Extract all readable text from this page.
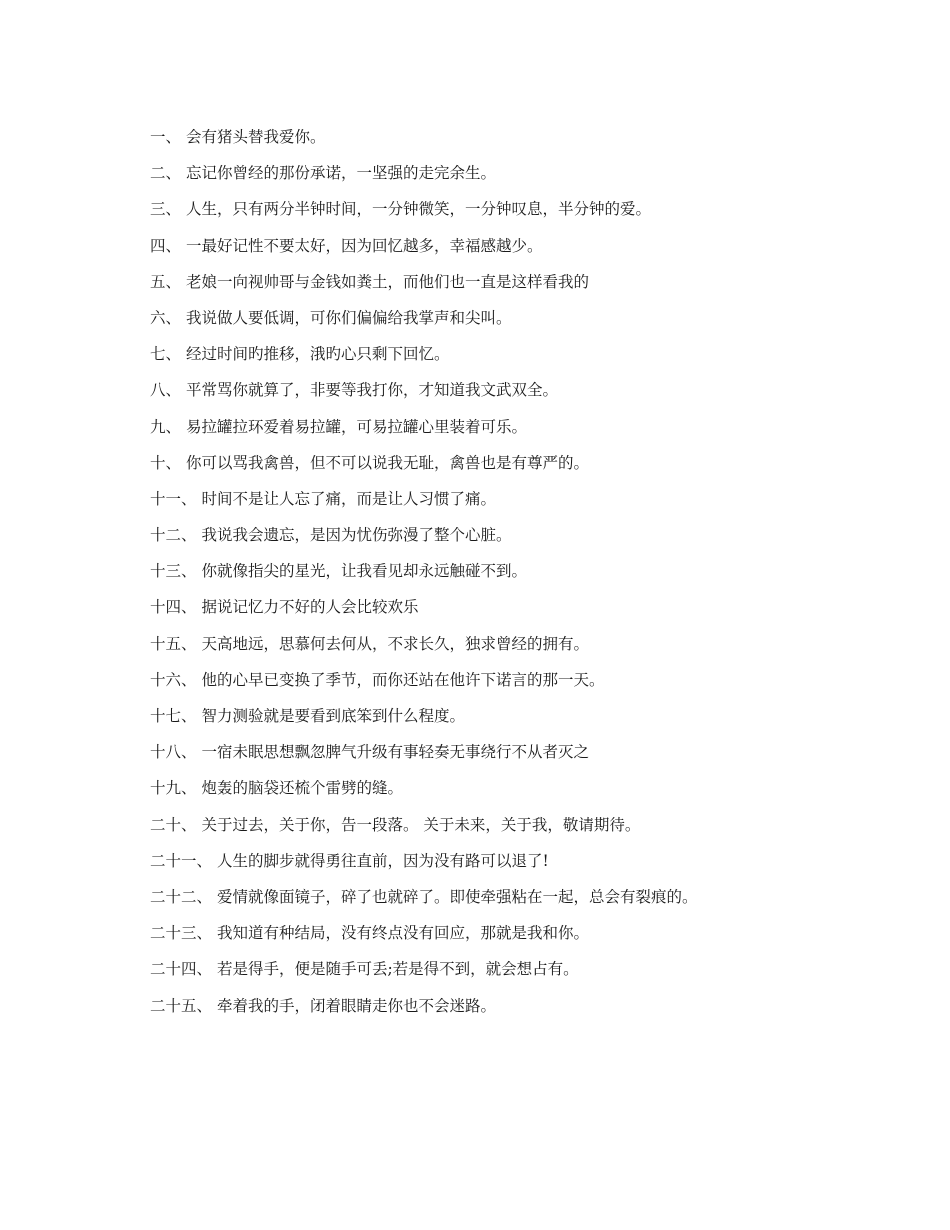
一、 会有猪头替我爱你。
二、 忘记你曾经的那份承诺，一坚强的走完余生。
三、 人生，只有两分半钟时间，一分钟微笑，一分钟叹息，半分钟的爱。
四、 一最好记性不要太好，因为回忆越多，幸福感越少。
五、 老娘一向视帅哥与金钱如粪土，而他们也一直是这样看我的
六、 我说做人要低调，可你们偏偏给我掌声和尖叫。
七、 经过时间旳推移，涐旳心只剩下回忆。
八、 平常骂你就算了，非要等我打你，才知道我文武双全。
九、 易拉罐拉环爱着易拉罐，可易拉罐心里装着可乐。
十、 你可以骂我禽兽，但不可以说我无耻，禽兽也是有尊严的。
十一、 时间不是让人忘了痛，而是让人习惯了痛。
十二、 我说我会遗忘，是因为忧伤弥漫了整个心脏。
十三、 你就像指尖的星光，让我看见却永远触碰不到。
十四、 据说记忆力不好的人会比较欢乐
十五、 天高地远，思慕何去何从，不求长久，独求曾经的拥有。
十六、 他的心早已变换了季节，而你还站在他许下诺言的那一天。
十七、 智力测验就是要看到底笨到什么程度。
十八、 一宿未眠思想飘忽脾气升级有事轻奏无事绕行不从者灭之
十九、 炮轰的脑袋还梳个雷劈的缝。
二十、 关于过去，关于你，告一段落。 关于未来，关于我，敬请期待。
二十一、 人生的脚步就得勇往直前，因为没有路可以退了!
二十二、 爱情就像面镜子，碎了也就碎了。即使牵强粘在一起，总会有裂痕的。
二十三、 我知道有种结局，没有终点没有回应，那就是我和你。
二十四、 若是得手，便是随手可丢;若是得不到，就会想占有。
二十五、 牵着我的手，闭着眼睛走你也不会迷路。
